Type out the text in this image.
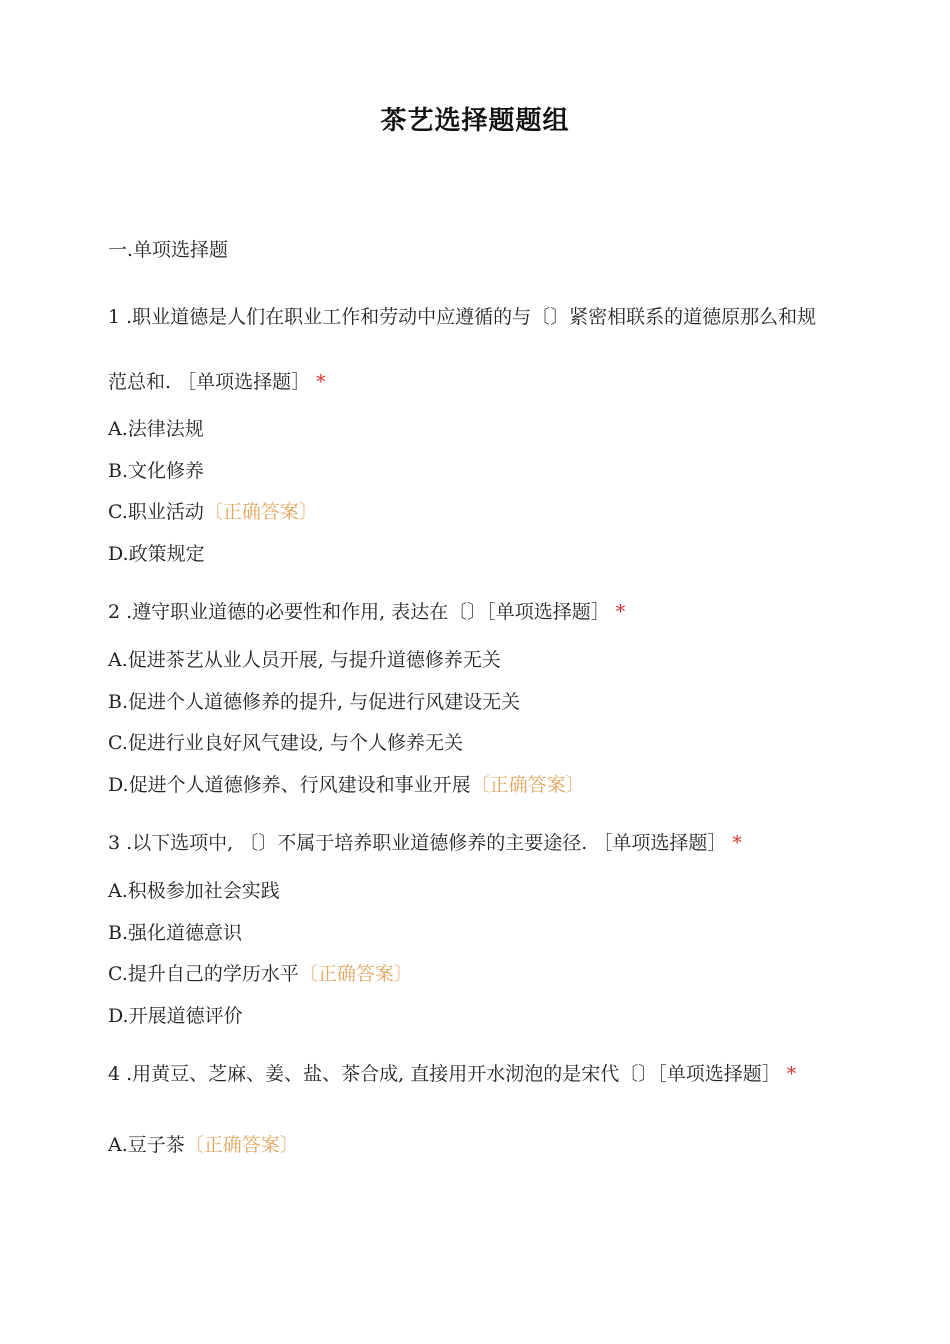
茶艺选择题题组
一.单项选择题
1 .职业道德是人们在职业工作和劳动中应遵循的与〔〕紧密相联系的道德原那么和规
范总和. ［单项选择题］ *
A.法律法规
B.文化修养
C.职业活动〔正确答案〕
D.政策规定
2 .遵守职业道德的必要性和作用, 表达在〔〕［单项选择题］ *
A.促进茶艺从业人员开展, 与提升道德修养无关
B.促进个人道德修养的提升, 与促进行风建设无关
C.促进行业良好风气建设, 与个人修养无关
D.促进个人道德修养、行风建设和事业开展〔正确答案〕
3 .以下选项中, 〔〕不属于培养职业道德修养的主要途径. ［单项选择题］ *
A.积极参加社会实践
B.强化道德意识
C.提升自己的学历水平〔正确答案〕
D.开展道德评价
4 .用黄豆、芝麻、姜、盐、茶合成, 直接用开水沏泡的是宋代〔〕［单项选择题］ *
A.豆子茶〔正确答案〕
